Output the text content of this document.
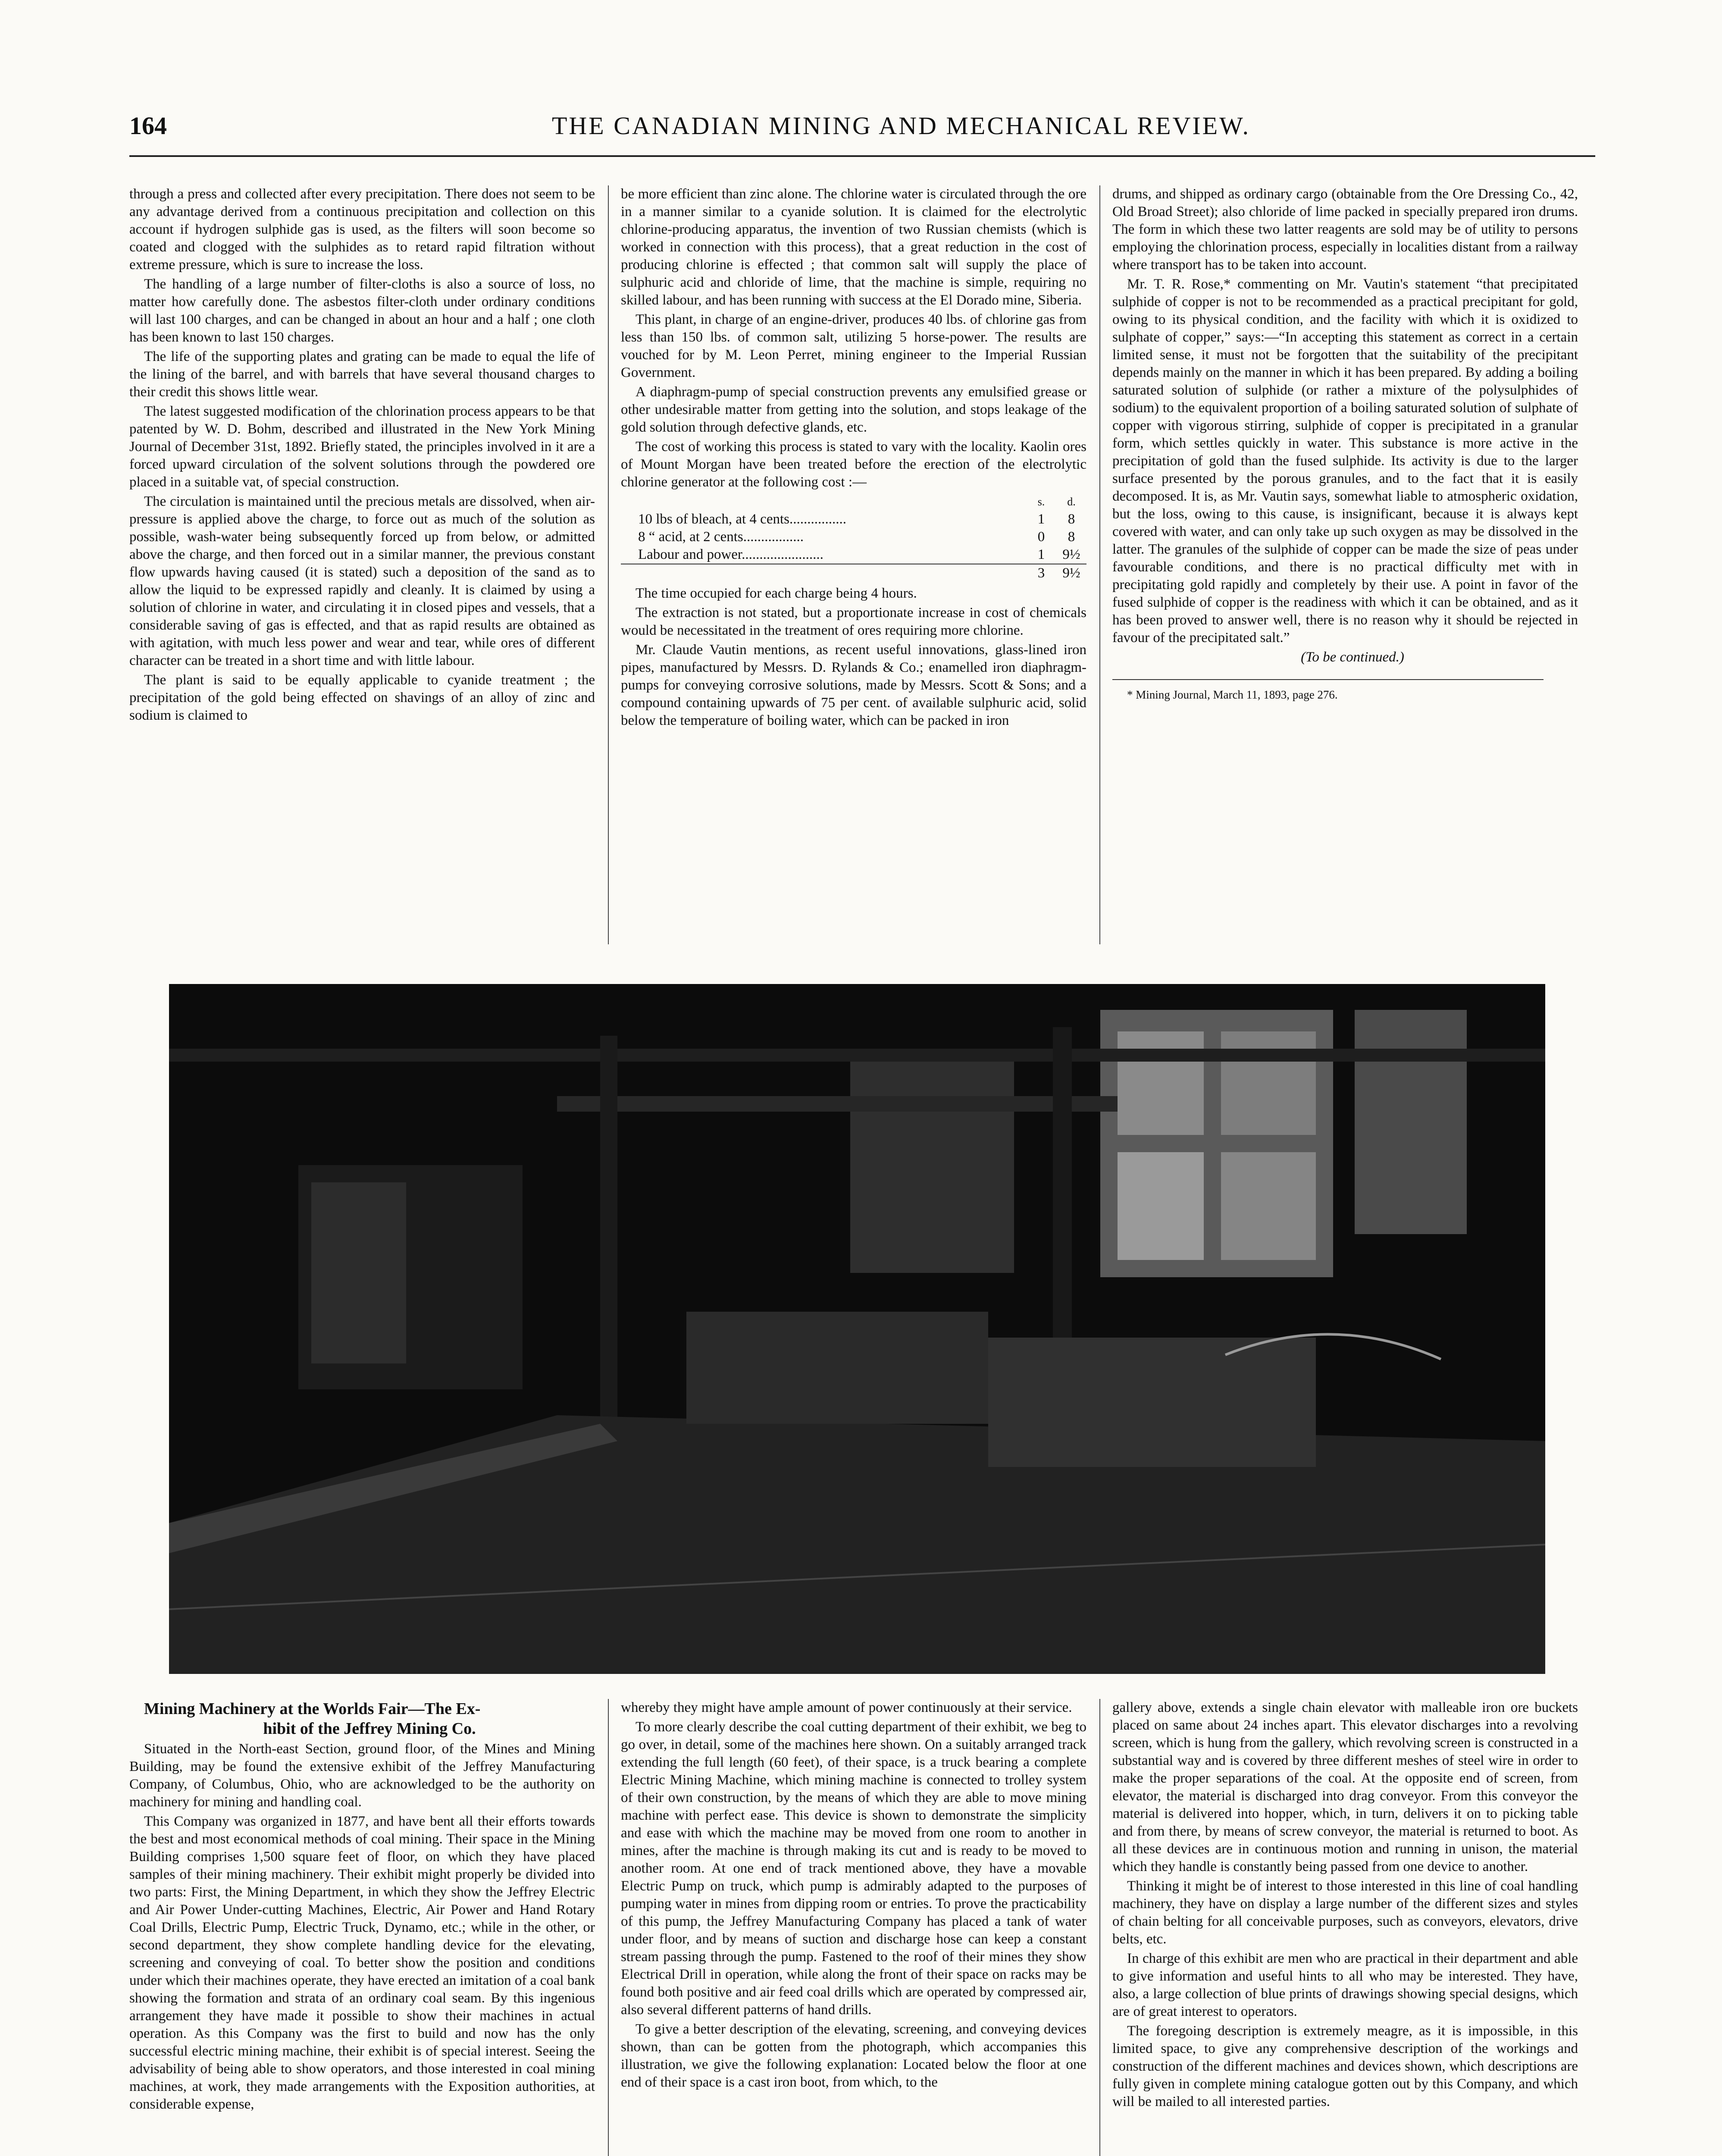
164	THE CANADIAN MINING AND MECHANICAL REVIEW.

through a press and collected after every precipitation. There does not seem to be any advantage derived from a continuous precipitation and collection on this account if hydrogen sulphide gas is used, as the filters will soon become so coated and clogged with the sulphides as to retard rapid filtration without extreme pressure, which is sure to increase the loss.

The handling of a large number of filter-cloths is also a source of loss, no matter how carefully done. The asbestos filter-cloth under ordinary conditions will last 100 charges, and can be changed in about an hour and a half ; one cloth has been known to last 150 charges.

The life of the supporting plates and grating can be made to equal the life of the lining of the barrel, and with barrels that have several thousand charges to their credit this shows little wear.

The latest suggested modification of the chlorination process appears to be that patented by W. D. Bohm, described and illustrated in the New York Mining Journal of December 31st, 1892. Briefly stated, the principles involved in it are a forced upward circulation of the solvent solutions through the powdered ore placed in a suitable vat, of special construction.

The circulation is maintained until the precious metals are dissolved, when air-pressure is applied above the charge, to force out as much of the solution as possible, wash-water being subsequently forced up from below, or admitted above the charge, and then forced out in a similar manner, the previous constant flow upwards having caused (it is stated) such a deposition of the sand as to allow the liquid to be expressed rapidly and cleanly. It is claimed by using a solution of chlorine in water, and circulating it in closed pipes and vessels, that a considerable saving of gas is effected, and that as rapid results are obtained as with agitation, with much less power and wear and tear, while ores of different character can be treated in a short time and with little labour.

The plant is said to be equally applicable to cyanide treatment ; the precipitation of the gold being effected on shavings of an alloy of zinc and sodium is claimed to

be more efficient than zinc alone. The chlorine water is circulated through the ore in a manner similar to a cyanide solution. It is claimed for the electrolytic chlorine-producing apparatus, the invention of two Russian chemists (which is worked in connection with this process), that a great reduction in the cost of producing chlorine is effected ; that common salt will supply the place of sulphuric acid and chloride of lime, that the machine is simple, requiring no skilled labour, and has been running with success at the El Dorado mine, Siberia.

This plant, in charge of an engine-driver, produces 40 lbs. of chlorine gas from less than 150 lbs. of common salt, utilizing 5 horse-power. The results are vouched for by M. Leon Perret, mining engineer to the Imperial Russian Government.

A diaphragm-pump of special construction prevents any emulsified grease or other undesirable matter from getting into the solution, and stops leakage of the gold solution through defective glands, etc.

The cost of working this process is stated to vary with the locality. Kaolin ores of Mount Morgan have been treated before the erection of the electrolytic chlorine generator at the following cost :—

	s.	d.
10 lbs of bleach, at 4 cents................	1	8
8 “ acid, at 2 cents.................	0	8
Labour and power.......................	1	9½
	3	9½

The time occupied for each charge being 4 hours.

The extraction is not stated, but a proportionate increase in cost of chemicals would be necessitated in the treatment of ores requiring more chlorine.

Mr. Claude Vautin mentions, as recent useful innovations, glass-lined iron pipes, manufactured by Messrs. D. Rylands & Co.; enamelled iron diaphragm-pumps for conveying corrosive solutions, made by Messrs. Scott & Sons; and a compound containing upwards of 75 per cent. of available sulphuric acid, solid below the temperature of boiling water, which can be packed in iron

drums, and shipped as ordinary cargo (obtainable from the Ore Dressing Co., 42, Old Broad Street); also chloride of lime packed in specially prepared iron drums. The form in which these two latter reagents are sold may be of utility to persons employing the chlorination process, especially in localities distant from a railway where transport has to be taken into account.

Mr. T. R. Rose,* commenting on Mr. Vautin's statement “that precipitated sulphide of copper is not to be recommended as a practical precipitant for gold, owing to its physical condition, and the facility with which it is oxidized to sulphate of copper,” says:—“In accepting this statement as correct in a certain limited sense, it must not be forgotten that the suitability of the precipitant depends mainly on the manner in which it has been prepared. By adding a boiling saturated solution of sulphide (or rather a mixture of the polysulphides of sodium) to the equivalent proportion of a boiling saturated solution of sulphate of copper with vigorous stirring, sulphide of copper is precipitated in a granular form, which settles quickly in water. This substance is more active in the precipitation of gold than the fused sulphide. Its activity is due to the larger surface presented by the porous granules, and to the fact that it is easily decomposed. It is, as Mr. Vautin says, somewhat liable to atmospheric oxidation, but the loss, owing to this cause, is insignificant, because it is always kept covered with water, and can only take up such oxygen as may be dissolved in the latter. The granules of the sulphide of copper can be made the size of peas under favourable conditions, and there is no practical difficulty met with in precipitating gold rapidly and completely by their use. A point in favor of the fused sulphide of copper is the readiness with which it can be obtained, and as it has been proved to answer well, there is no reason why it should be rejected in favour of the precipitated salt.”

(To be continued.)

* Mining Journal, March 11, 1893, page 276.

Mining Machinery at the Worlds Fair—The Ex-
hibit of the Jeffrey Mining Co.

Situated in the North-east Section, ground floor, of the Mines and Mining Building, may be found the extensive exhibit of the Jeffrey Manufacturing Company, of Columbus, Ohio, who are acknowledged to be the authority on machinery for mining and handling coal.

This Company was organized in 1877, and have bent all their efforts towards the best and most economical methods of coal mining. Their space in the Mining Building comprises 1,500 square feet of floor, on which they have placed samples of their mining machinery. Their exhibit might properly be divided into two parts: First, the Mining Department, in which they show the Jeffrey Electric and Air Power Under-cutting Machines, Electric, Air Power and Hand Rotary Coal Drills, Electric Pump, Electric Truck, Dynamo, etc.; while in the other, or second department, they show complete handling device for the elevating, screening and conveying of coal. To better show the position and conditions under which their machines operate, they have erected an imitation of a coal bank showing the formation and strata of an ordinary coal seam. By this ingenious arrangement they have made it possible to show their machines in actual operation. As this Company was the first to build and now has the only successful electric mining machine, their exhibit is of special interest. Seeing the advisability of being able to show operators, and those interested in coal mining machines, at work, they made arrangements with the Exposition authorities, at considerable expense,

whereby they might have ample amount of power continuously at their service.

To more clearly describe the coal cutting department of their exhibit, we beg to go over, in detail, some of the machines here shown. On a suitably arranged track extending the full length (60 feet), of their space, is a truck bearing a complete Electric Mining Machine, which mining machine is connected to trolley system of their own construction, by the means of which they are able to move mining machine with perfect ease. This device is shown to demonstrate the simplicity and ease with which the machine may be moved from one room to another in mines, after the machine is through making its cut and is ready to be moved to another room. At one end of track mentioned above, they have a movable Electric Pump on truck, which pump is admirably adapted to the purposes of pumping water in mines from dipping room or entries. To prove the practicability of this pump, the Jeffrey Manufacturing Company has placed a tank of water under floor, and by means of suction and discharge hose can keep a constant stream passing through the pump. Fastened to the roof of their mines they show Electrical Drill in operation, while along the front of their space on racks may be found both positive and air feed coal drills which are operated by compressed air, also several different patterns of hand drills.

To give a better description of the elevating, screening, and conveying devices shown, than can be gotten from the photograph, which accompanies this illustration, we give the following explanation: Located below the floor at one end of their space is a cast iron boot, from which, to the

gallery above, extends a single chain elevator with malleable iron ore buckets placed on same about 24 inches apart. This elevator discharges into a revolving screen, which is hung from the gallery, which revolving screen is constructed in a substantial way and is covered by three different meshes of steel wire in order to make the proper separations of the coal. At the opposite end of screen, from elevator, the material is discharged into drag conveyor. From this conveyor the material is delivered into hopper, which, in turn, delivers it on to picking table and from there, by means of screw conveyor, the material is returned to boot. As all these devices are in continuous motion and running in unison, the material which they handle is constantly being passed from one device to another.

Thinking it might be of interest to those interested in this line of coal handling machinery, they have on display a large number of the different sizes and styles of chain belting for all conceivable purposes, such as conveyors, elevators, drive belts, etc.

In charge of this exhibit are men who are practical in their department and able to give information and useful hints to all who may be interested. They have, also, a large collection of blue prints of drawings showing special designs, which are of great interest to operators.

The foregoing description is extremely meagre, as it is impossible, in this limited space, to give any comprehensive description of the workings and construction of the different machines and devices shown, which descriptions are fully given in complete mining catalogue gotten out by this Company, and which will be mailed to all interested parties.
